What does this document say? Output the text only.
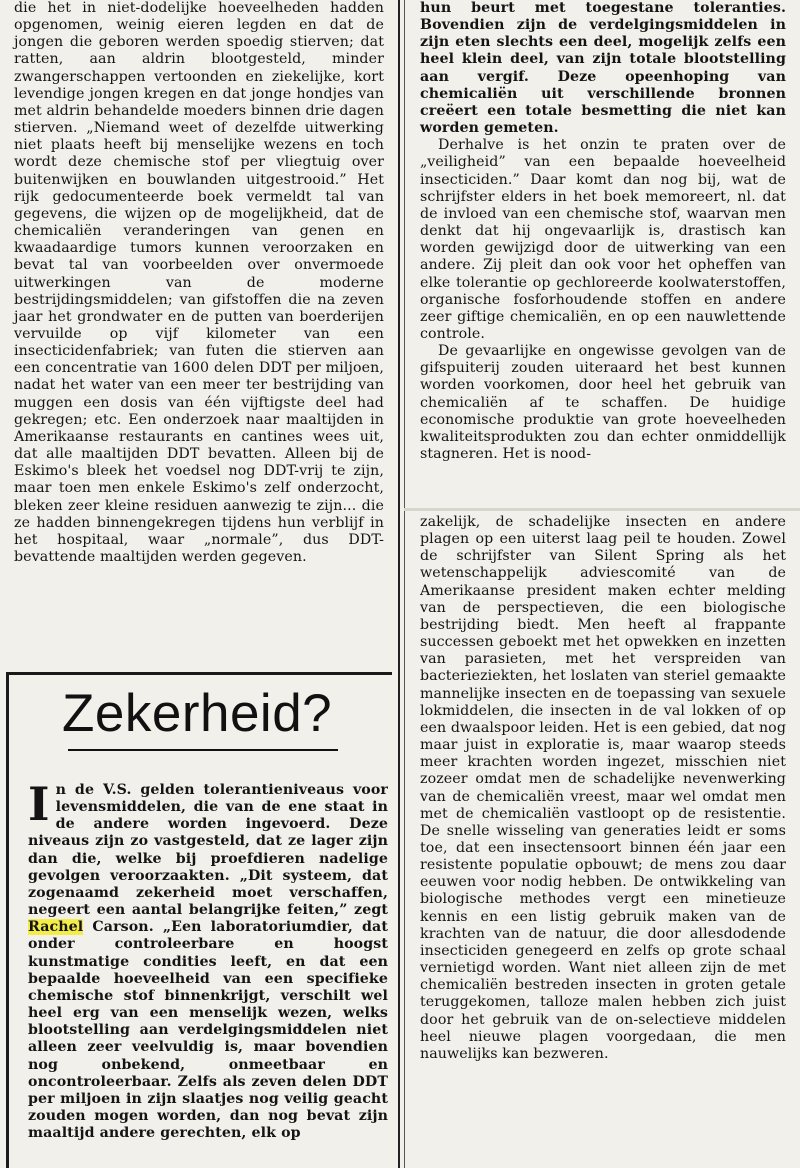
die het in niet-dodelijke hoeveelheden hadden opgenomen, weinig eieren legden en dat de jongen die geboren werden spoedig stierven; dat ratten, aan aldrin blootgesteld, minder zwangerschappen vertoonden en ziekelijke, kort levendige jongen kregen en dat jonge hondjes van met aldrin behandelde moeders binnen drie dagen stierven. „Niemand weet of dezelfde uitwerking niet plaats heeft bij menselijke wezens en toch wordt deze chemische stof per vliegtuig over buitenwijken en bouwlanden uitgestrooid.” Het rijk gedocumenteerde boek vermeldt tal van gegevens, die wijzen op de mogelijkheid, dat de chemicaliën veranderingen van genen en kwaadaardige tumors kunnen veroorzaken en bevat tal van voorbeelden over onvermoede uitwerkingen van de moderne bestrijdingsmiddelen; van gifstoffen die na zeven jaar het grondwater en de putten van boerderijen vervuilde op vijf kilometer van een insecticidenfabriek; van futen die stierven aan een concentratie van 1600 delen DDT per miljoen, nadat het water van een meer ter bestrijding van muggen een dosis van één vijftigste deel had gekregen; etc. Een onderzoek naar maaltijden in Amerikaanse restaurants en cantines wees uit, dat alle maaltijden DDT bevatten. Alleen bij de Eskimo's bleek het voedsel nog DDT-vrij te zijn, maar toen men enkele Eskimo's zelf onderzocht, bleken zeer kleine residuen aanwezig te zijn... die ze hadden binnengekregen tijdens hun verblijf in het hospitaal, waar „normale”, dus DDT-bevattende maaltijden werden gegeven.

Zekerheid?

In de V.S. gelden tolerantieniveaus voor levensmiddelen, die van de ene staat in de andere worden ingevoerd. Deze niveaus zijn zo vastgesteld, dat ze lager zijn dan die, welke bij proefdieren nadelige gevolgen veroorzaakten. „Dit systeem, dat zogenaamd zekerheid moet verschaffen, negeert een aantal belangrijke feiten,” zegt Rachel Carson. „Een laboratoriumdier, dat onder controleerbare en hoogst kunstmatige condities leeft, en dat een bepaalde hoeveelheid van een specifieke chemische stof binnenkrijgt, verschilt wel heel erg van een menselijk wezen, welks blootstelling aan verdelgingsmiddelen niet alleen zeer veelvuldig is, maar bovendien nog onbekend, onmeetbaar en oncontroleerbaar. Zelfs als zeven delen DDT per miljoen in zijn slaatjes nog veilig geacht zouden mogen worden, dan nog bevat zijn maaltijd andere gerechten, elk op

hun beurt met toegestane toleranties. Bovendien zijn de verdelgingsmiddelen in zijn eten slechts een deel, mogelijk zelfs een heel klein deel, van zijn totale blootstelling aan vergif. Deze opeenhoping van chemicaliën uit verschillende bronnen creëert een totale besmetting die niet kan worden gemeten.

Derhalve is het onzin te praten over de „veiligheid” van een bepaalde hoeveelheid insecticiden.” Daar komt dan nog bij, wat de schrijfster elders in het boek memoreert, nl. dat de invloed van een chemische stof, waarvan men denkt dat hij ongevaarlijk is, drastisch kan worden gewijzigd door de uitwerking van een andere. Zij pleit dan ook voor het opheffen van elke tolerantie op gechloreerde koolwaterstoffen, organische fosforhoudende stoffen en andere zeer giftige chemicaliën, en op een nauwlettende controle.

De gevaarlijke en ongewisse gevolgen van de gifspuiterij zouden uiteraard het best kunnen worden voorkomen, door heel het gebruik van chemicaliën af te schaffen. De huidige economische produktie van grote hoeveelheden kwaliteitsprodukten zou dan echter onmiddellijk stagneren. Het is nood-

zakelijk, de schadelijke insecten en andere plagen op een uiterst laag peil te houden. Zowel de schrijfster van Silent Spring als het wetenschappelijk adviescomité van de Amerikaanse president maken echter melding van de perspectieven, die een biologische bestrijding biedt. Men heeft al frappante successen geboekt met het opwekken en inzetten van parasieten, met het verspreiden van bacterieziekten, het loslaten van steriel gemaakte mannelijke insecten en de toepassing van sexuele lokmiddelen, die insecten in de val lokken of op een dwaalspoor leiden. Het is een gebied, dat nog maar juist in exploratie is, maar waarop steeds meer krachten worden ingezet, misschien niet zozeer omdat men de schadelijke nevenwerking van de chemicaliën vreest, maar wel omdat men met de chemicaliën vastloopt op de resistentie. De snelle wisseling van generaties leidt er soms toe, dat een insectensoort binnen één jaar een resistente populatie opbouwt; de mens zou daar eeuwen voor nodig hebben. De ontwikkeling van biologische methodes vergt een minetieuze kennis en een listig gebruik maken van de krachten van de natuur, die door allesdodende insecticiden genegeerd en zelfs op grote schaal vernietigd worden. Want niet alleen zijn de met chemicaliën bestreden insecten in groten getale teruggekomen, talloze malen hebben zich juist door het gebruik van de on-selectieve middelen heel nieuwe plagen voorgedaan, die men nauwelijks kan bezweren.
